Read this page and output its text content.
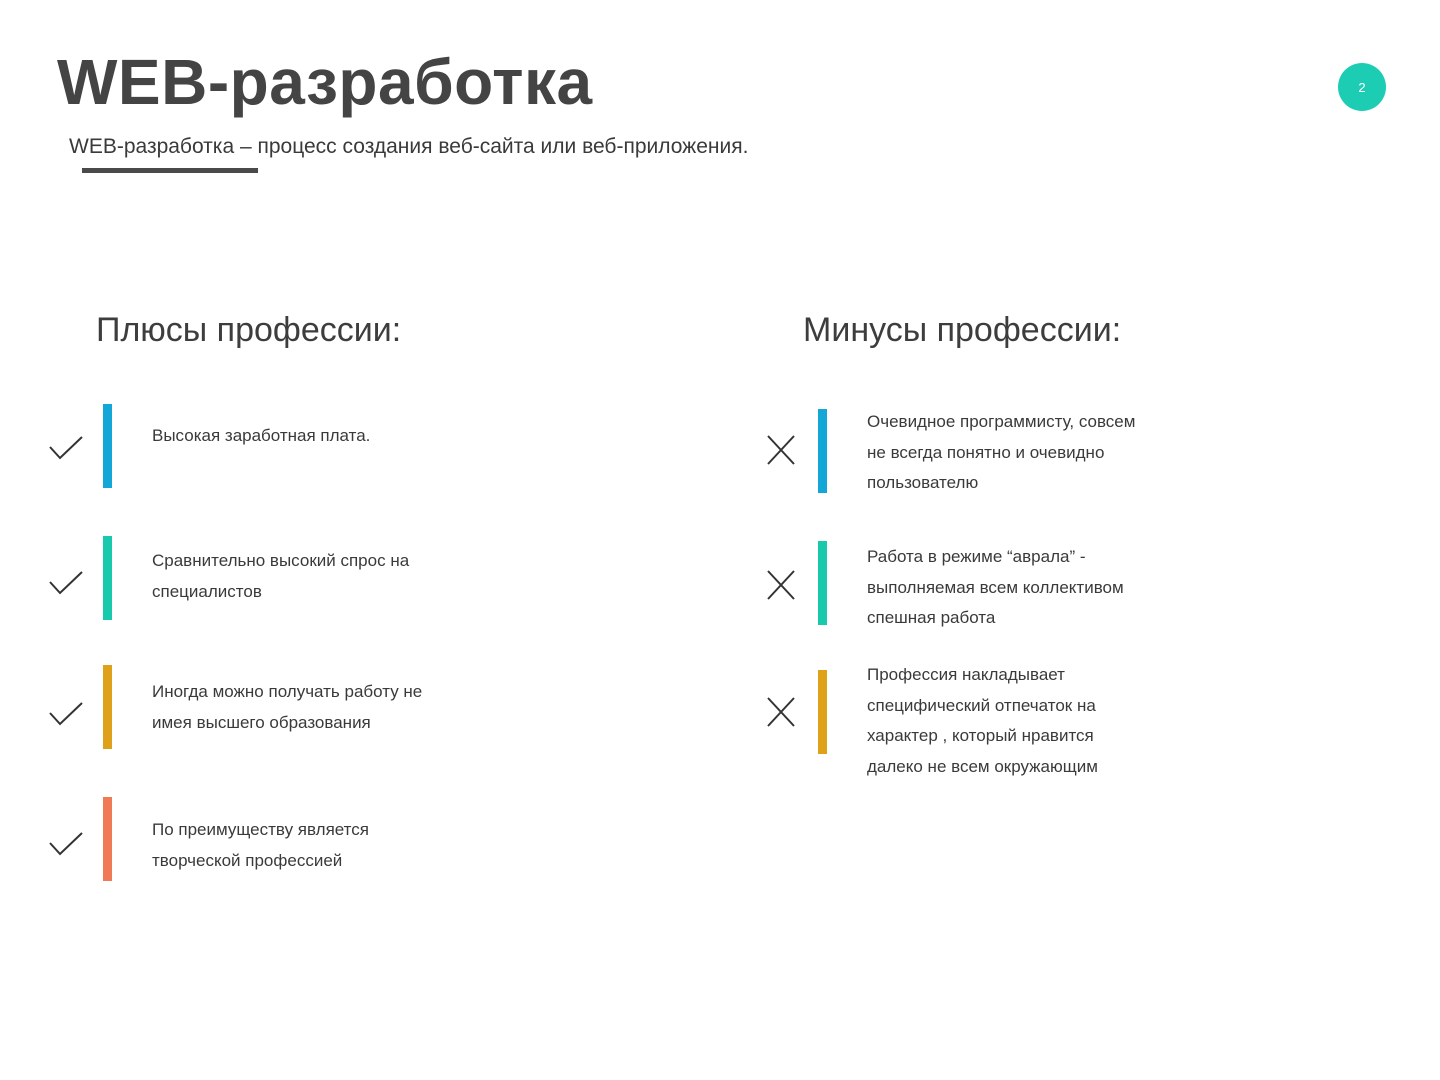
WEB-разработка	2
WEB-разработка – процесс создания веб-сайта или веб-приложения.
Плюсы профессии:	Минусы профессии:
Высокая заработная плата.
Сравнительно высокий спрос на
специалистов
Иногда можно получать работу не
имея высшего образования
По преимуществу является
творческой профессией
Очевидное программисту, совсем
не всегда понятно и очевидно
пользователю
Работа в режиме “аврала” -
выполняемая всем коллективом
спешная работа
Профессия накладывает
специфический отпечаток на
характер , который нравится
далеко не всем окружающим
